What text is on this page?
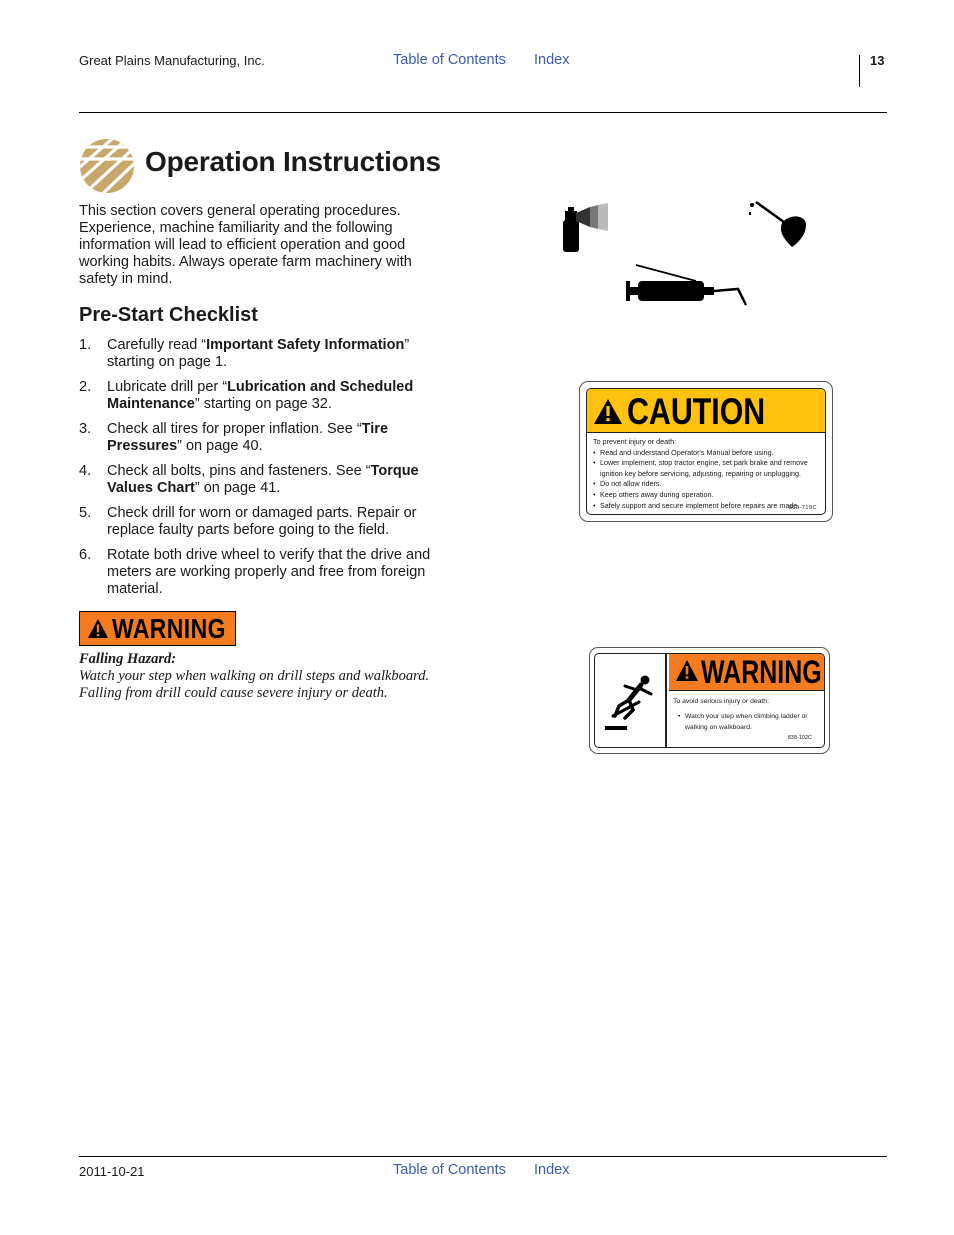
Great Plains Manufacturing, Inc.	Table of Contents Index	13
Operation Instructions

This section covers general operating procedures. Experience, machine familiarity and the following information will lead to efficient operation and good working habits. Always operate farm machinery with safety in mind.

Pre-Start Checklist
1. Carefully read “Important Safety Information” starting on page 1.
2. Lubricate drill per “Lubrication and Scheduled Maintenance” starting on page 32.
3. Check all tires for proper inflation. See “Tire Pressures” on page 40.
4. Check all bolts, pins and fasteners. See “Torque Values Chart” on page 41.
5. Check drill for worn or damaged parts. Repair or replace faulty parts before going to the field.
6. Rotate both drive wheel to verify that the drive and meters are working properly and free from foreign material.
WARNING
Falling Hazard:

Watch your step when walking on drill steps and walkboard. Falling from drill could cause severe injury or death.

CAUTION
To prevent injury or death:
• Read and understand Operator's Manual before using.
• Lower implement, stop tractor engine, set park brake and remove ignition key before servicing, adjusting, repairing or unplugging.
• Do not allow riders.
• Keep others away during operation.
• Safely support and secure implement before repairs are made.
818-719C
WARNING
To avoid serious injury or death:
• Watch your step when climbing ladder or walking on walkboard.
838-102C
2011-10-21	Table of Contents Index
